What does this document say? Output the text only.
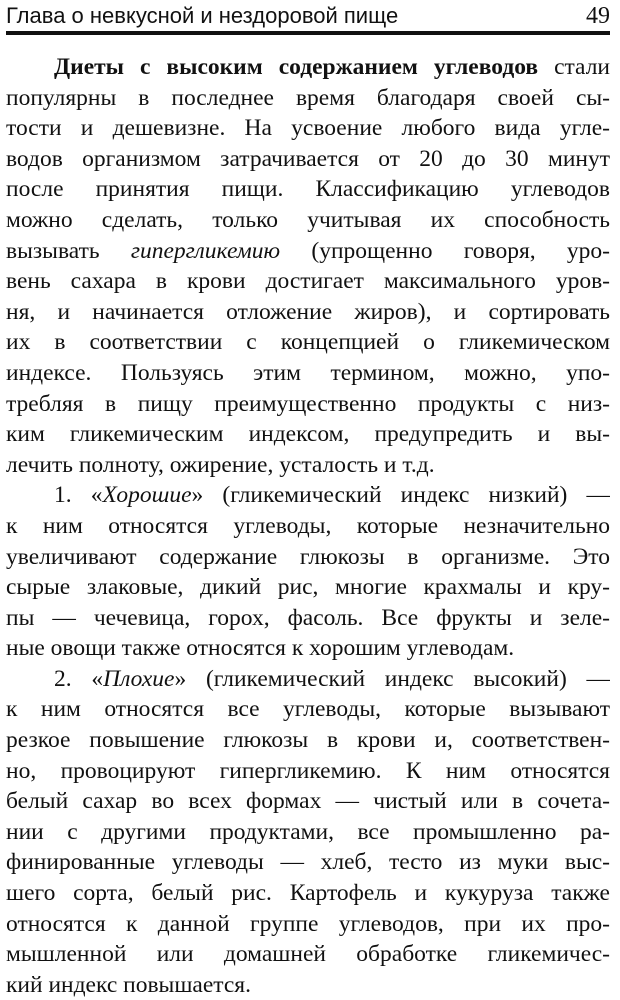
Глава о невкусной и нездоровой пище	49
Диеты с высоким содержанием углеводов стали
популярны в последнее время благодаря своей сы-
тости и дешевизне. На усвоение любого вида угле-
водов организмом затрачивается от 20 до 30 минут
после принятия пищи. Классификацию углеводов
можно сделать, только учитывая их способность
вызывать гипергликемию (упрощенно говоря, уро-
вень сахара в крови достигает максимального уров-
ня, и начинается отложение жиров), и сортировать
их в соответствии с концепцией о гликемическом
индексе. Пользуясь этим термином, можно, упо-
требляя в пищу преимущественно продукты с низ-
ким гликемическим индексом, предупредить и вы-
лечить полноту, ожирение, усталость и т.д.
1. «Хорошие» (гликемический индекс низкий) —
к ним относятся углеводы, которые незначительно
увеличивают содержание глюкозы в организме. Это
сырые злаковые, дикий рис, многие крахмалы и кру-
пы — чечевица, горох, фасоль. Все фрукты и зеле-
ные овощи также относятся к хорошим углеводам.
2. «Плохие» (гликемический индекс высокий) —
к ним относятся все углеводы, которые вызывают
резкое повышение глюкозы в крови и, соответствен-
но, провоцируют гипергликемию. К ним относятся
белый сахар во всех формах — чистый или в сочета-
нии с другими продуктами, все промышленно ра-
финированные углеводы — хлеб, тесто из муки выс-
шего сорта, белый рис. Картофель и кукуруза также
относятся к данной группе углеводов, при их про-
мышленной или домашней обработке гликемичес-
кий индекс повышается.
